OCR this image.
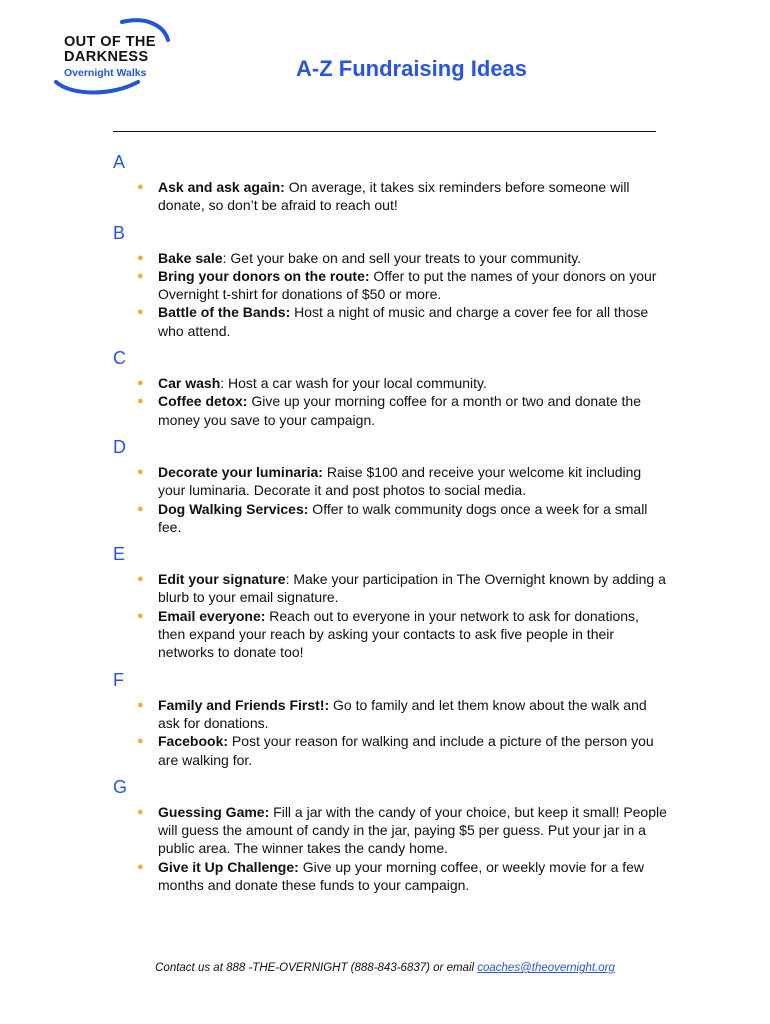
OUT OF THE
DARKNESS
Overnight Walks	A-Z Fundraising Ideas
A
● Ask and ask again: On average, it takes six reminders before someone will donate, so don’t be afraid to reach out!
B
● Bake sale: Get your bake on and sell your treats to your community.
● Bring your donors on the route: Offer to put the names of your donors on your Overnight t-shirt for donations of $50 or more.
● Battle of the Bands: Host a night of music and charge a cover fee for all those who attend.
C
● Car wash: Host a car wash for your local community.
● Coffee detox: Give up your morning coffee for a month or two and donate the money you save to your campaign.
D
● Decorate your luminaria: Raise $100 and receive your welcome kit including your luminaria. Decorate it and post photos to social media.
● Dog Walking Services: Offer to walk community dogs once a week for a small fee.
E
● Edit your signature: Make your participation in The Overnight known by adding a blurb to your email signature.
● Email everyone: Reach out to everyone in your network to ask for donations, then expand your reach by asking your contacts to ask five people in their networks to donate too!
F
● Family and Friends First!: Go to family and let them know about the walk and ask for donations.
● Facebook: Post your reason for walking and include a picture of the person you are walking for.
G
● Guessing Game: Fill a jar with the candy of your choice, but keep it small! People will guess the amount of candy in the jar, paying $5 per guess. Put your jar in a public area. The winner takes the candy home.
● Give it Up Challenge: Give up your morning coffee, or weekly movie for a few months and donate these funds to your campaign.
Contact us at 888 -THE-OVERNIGHT (888-843-6837) or email coaches@theovernight.org
